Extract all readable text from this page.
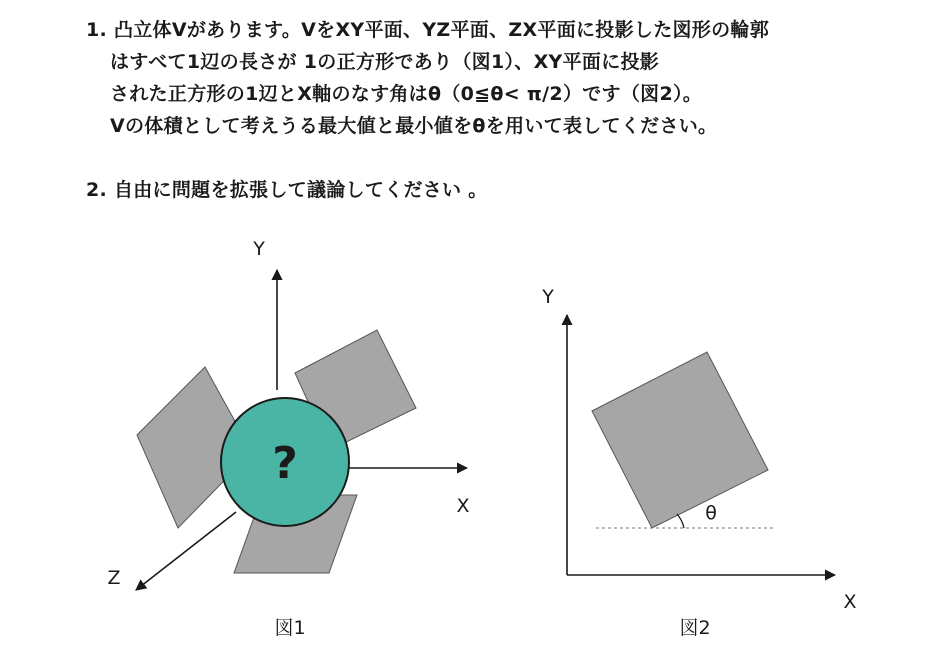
1. 凸立体Vがあります。VをXY平面、YZ平面、ZX平面に投影した図形の輪郭
はすべて1辺の長さが 1の正方形であり（図1）、XY平面に投影
された正方形の1辺とX軸のなす角はθ（0≦θ< π/2）です（図2）。
Vの体積として考えうる最大値と最小値をθを用いて表してください。
2. 自由に問題を拡張して議論してください 。
?
Y
X
Z
図1
θ
Y
X
図2
